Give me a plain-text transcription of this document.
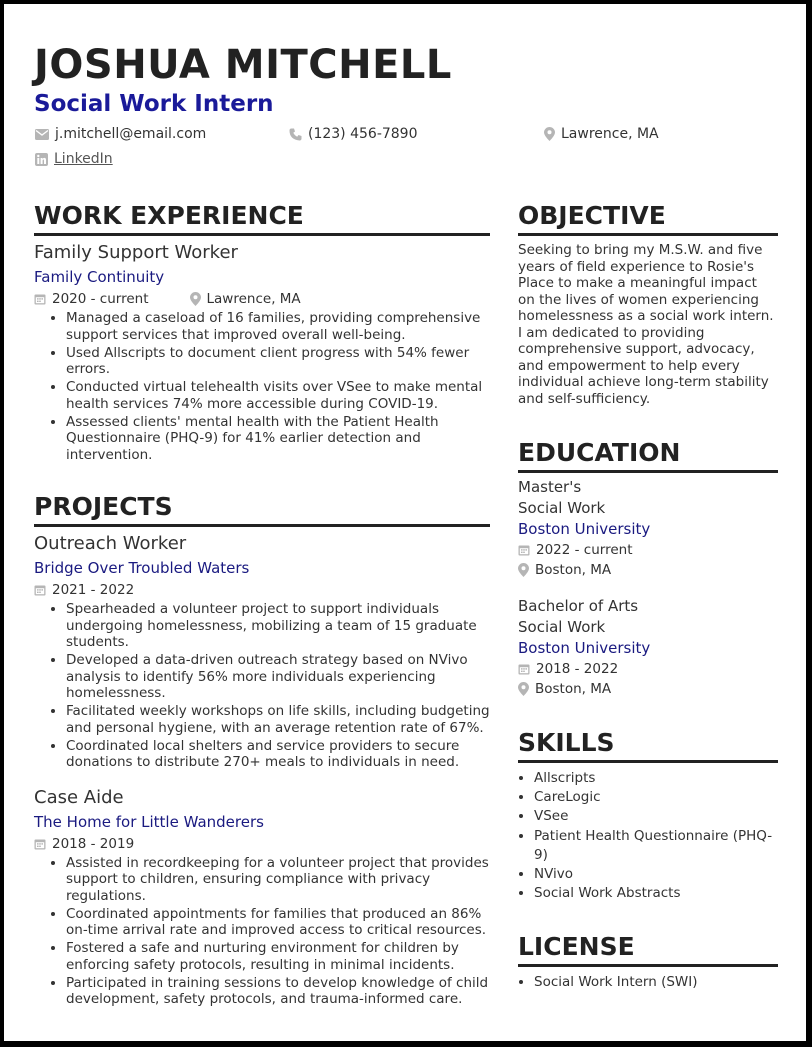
JOSHUA MITCHELL
Social Work Intern
j.mitchell@email.com	(123) 456-7890	Lawrence, MA
LinkedIn
WORK EXPERIENCE
Family Support Worker
Family Continuity
2020 - current	Lawrence, MA
• Managed a caseload of 16 families, providing comprehensive support services that improved overall well-being.
• Used Allscripts to document client progress with 54% fewer errors.
• Conducted virtual telehealth visits over VSee to make mental health services 74% more accessible during COVID-19.
• Assessed clients' mental health with the Patient Health Questionnaire (PHQ-9) for 41% earlier detection and intervention.
PROJECTS
Outreach Worker
Bridge Over Troubled Waters
2021 - 2022
• Spearheaded a volunteer project to support individuals undergoing homelessness, mobilizing a team of 15 graduate students.
• Developed a data-driven outreach strategy based on NVivo analysis to identify 56% more individuals experiencing homelessness.
• Facilitated weekly workshops on life skills, including budgeting and personal hygiene, with an average retention rate of 67%.
• Coordinated local shelters and service providers to secure donations to distribute 270+ meals to individuals in need.
Case Aide
The Home for Little Wanderers
2018 - 2019
• Assisted in recordkeeping for a volunteer project that provides support to children, ensuring compliance with privacy regulations.
• Coordinated appointments for families that produced an 86% on-time arrival rate and improved access to critical resources.
• Fostered a safe and nurturing environment for children by enforcing safety protocols, resulting in minimal incidents.
• Participated in training sessions to develop knowledge of child development, safety protocols, and trauma-informed care.
OBJECTIVE
Seeking to bring my M.S.W. and five years of field experience to Rosie's Place to make a meaningful impact on the lives of women experiencing homelessness as a social work intern. I am dedicated to providing comprehensive support, advocacy, and empowerment to help every individual achieve long-term stability and self-sufficiency.
EDUCATION
Master's
Social Work
Boston University
2022 - current
Boston, MA
Bachelor of Arts
Social Work
Boston University
2018 - 2022
Boston, MA
SKILLS
• Allscripts
• CareLogic
• VSee
• Patient Health Questionnaire (PHQ-9)
• NVivo
• Social Work Abstracts
LICENSE
• Social Work Intern (SWI)
